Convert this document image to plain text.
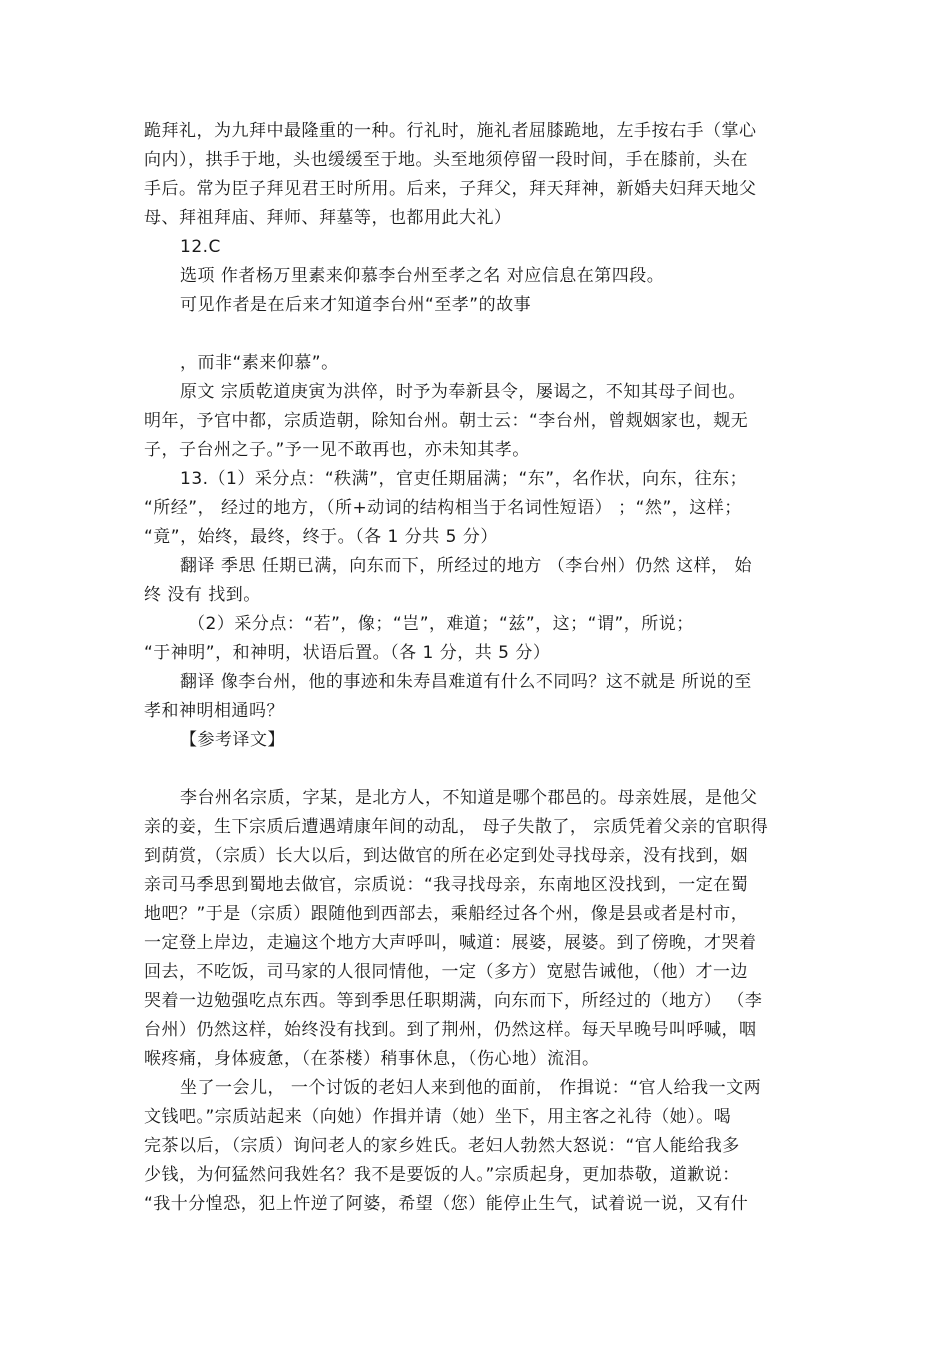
跪拜礼，为九拜中最隆重的一种。行礼时，施礼者屈膝跪地，左手按右手（掌心

向内），拱手于地，头也缓缓至于地。头至地须停留一段时间，手在膝前，头在

手后。常为臣子拜见君王时所用。后来，子拜父，拜天拜神，新婚夫妇拜天地父

母、拜祖拜庙、拜师、拜墓等，也都用此大礼）

12.C

选项 作者杨万里素来仰慕李台州至孝之名 对应信息在第四段。

可见作者是在后来才知道李台州“至孝”的故事

，而非“素来仰慕”。

原文 宗质乾道庚寅为洪倅，时予为奉新县令，屡谒之，不知其母子间也。

明年，予官中都，宗质造朝，除知台州。朝士云：“李台州，曾觌姻家也，觌无

子，子台州之子。”予一见不敢再也，亦未知其孝。

13.（1）采分点：“秩满”，官吏任期届满；“东”，名作状，向东，往东；

“所经”， 经过的地方，（所+动词的结构相当于名词性短语） ；“然”，这样；

“竟”，始终，最终，终于。（各 1 分共 5 分）

翻译 季思 任期已满，向东而下，所经过的地方 （李台州）仍然 这样， 始

终 没有 找到。

（2）采分点：“若”，像；“岂”，难道；“兹”，这；“谓”，所说；

“于神明”，和神明，状语后置。（各 1 分，共 5 分）

翻译 像李台州，他的事迹和朱寿昌难道有什么不同吗？这不就是 所说的至

孝和神明相通吗？

【参考译文】

李台州名宗质，字某，是北方人，不知道是哪个郡邑的。母亲姓展，是他父

亲的妾，生下宗质后遭遇靖康年间的动乱， 母子失散了， 宗质凭着父亲的官职得

到荫赏，（宗质）长大以后，到达做官的所在必定到处寻找母亲，没有找到，姻

亲司马季思到蜀地去做官，宗质说：“我寻找母亲，东南地区没找到，一定在蜀

地吧？”于是（宗质）跟随他到西部去，乘船经过各个州，像是县或者是村市，

一定登上岸边，走遍这个地方大声呼叫，喊道：展婆，展婆。到了傍晚，才哭着

回去，不吃饭，司马家的人很同情他，一定（多方）宽慰告诫他，（他）才一边

哭着一边勉强吃点东西。等到季思任职期满，向东而下，所经过的（地方） （李

台州）仍然这样，始终没有找到。到了荆州，仍然这样。每天早晚号叫呼喊，咽

喉疼痛，身体疲惫，（在茶楼）稍事休息，（伤心地）流泪。

坐了一会儿， 一个讨饭的老妇人来到他的面前， 作揖说：“官人给我一文两

文钱吧。”宗质站起来（向她）作揖并请（她）坐下，用主客之礼待（她）。喝

完茶以后，（宗质）询问老人的家乡姓氏。老妇人勃然大怒说：“官人能给我多

少钱，为何猛然问我姓名？我不是要饭的人。”宗质起身，更加恭敬，道歉说：

“我十分惶恐，犯上忤逆了阿婆，希望（您）能停止生气，试着说一说，又有什
